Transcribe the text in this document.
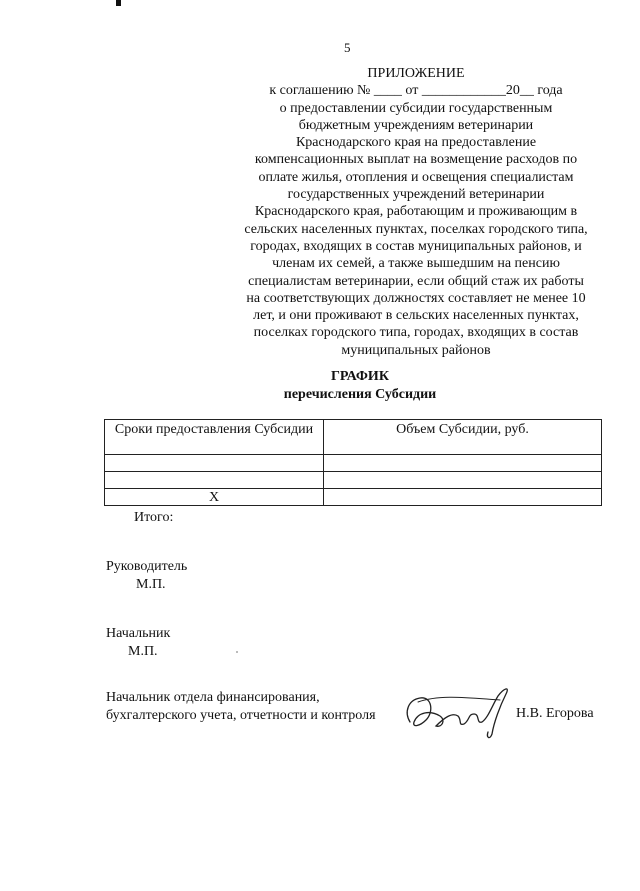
5
ПРИЛОЖЕНИЕ
к соглашению № ____ от ____________20__ года
о предоставлении субсидии государственным
бюджетным учреждениям ветеринарии
Краснодарского края на предоставление
компенсационных выплат на возмещение расходов по
оплате жилья, отопления и освещения специалистам
государственных учреждений ветеринарии
Краснодарского края, работающим и проживающим в
сельских населенных пунктах, поселках городского типа,
городах, входящих в состав муниципальных районов, и
членам их семей, а также вышедшим на пенсию
специалистам ветеринарии, если общий стаж их работы
на соответствующих должностях составляет не менее 10
лет, и они проживают в сельских населенных пунктах,
поселках городского типа, городах, входящих в состав
муниципальных районов
ГРАФИК
перечисления Субсидии
Сроки предоставления Субсидии	Объем Субсидии, руб.

Х	
Итого:
Руководитель
М.П.
Начальник
М.П.
Начальник отдела финансирования,
бухгалтерского учета, отчетности и контроля	Н.В. Егорова
